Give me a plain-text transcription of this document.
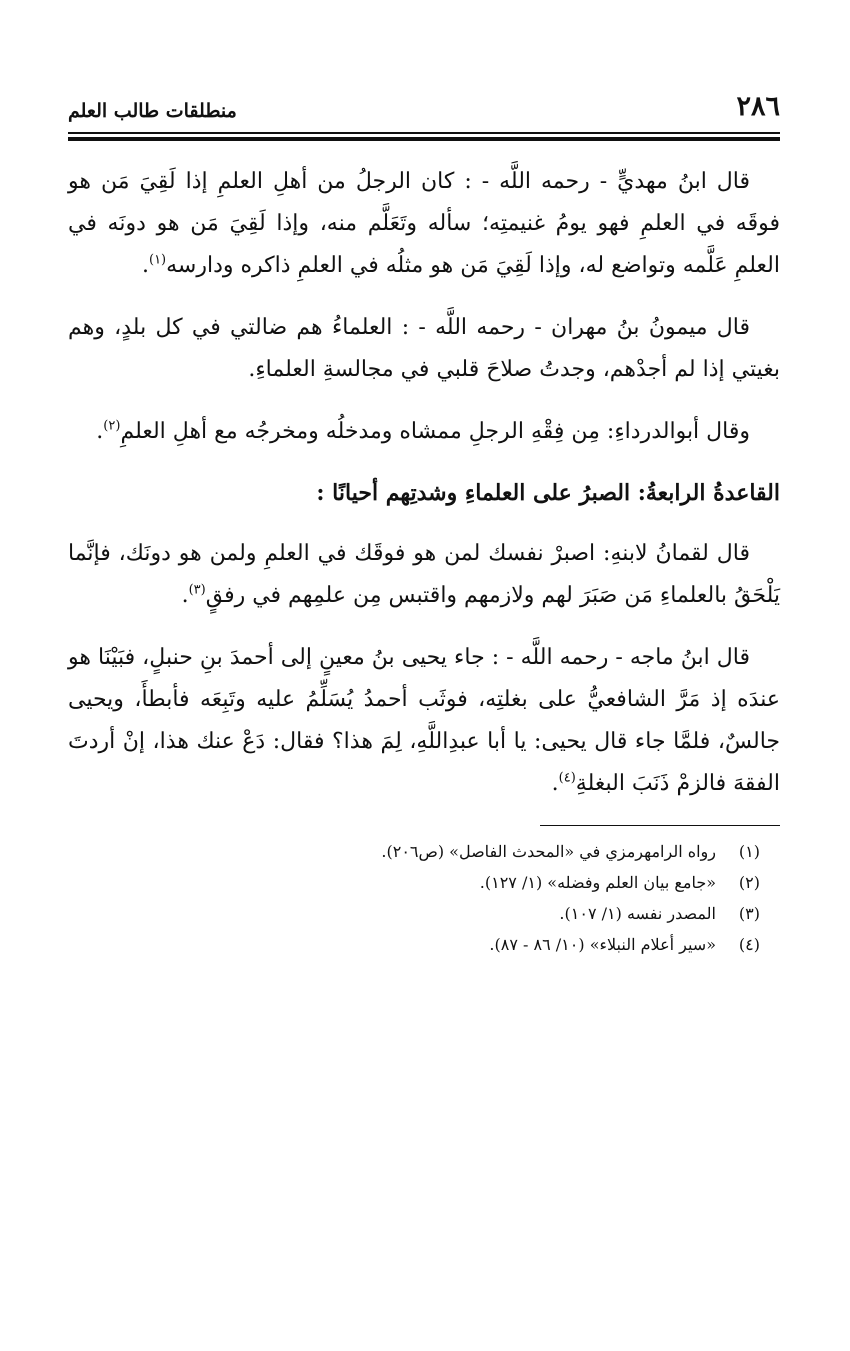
٢٨٦
منطلقات طالب العلم

قال ابنُ مهديٍّ - رحمه اللَّه - : كان الرجلُ من أهلِ العلمِ إذا لَقِيَ مَن هو فوقَه في العلمِ فهو يومُ غنيمتِه؛ سأله وتَعَلَّم منه، وإذا لَقِيَ مَن هو دونَه في العلمِ عَلَّمه وتواضع له، وإذا لَقِيَ مَن هو مثلُه في العلمِ ذاكره ودارسه$^{(١)}$.

قال ميمونُ بنُ مهران - رحمه اللَّه - : العلماءُ هم ضالتي في كل بلدٍ، وهم بغيتي إذا لم أجدْهم، وجدتُ صلاحَ قلبي في مجالسةِ العلماءِ.

وقال أبوالدرداءِ: مِن فِقْهِ الرجلِ ممشاه ومدخلُه ومخرجُه مع أهلِ العلمِ$^{(٢)}$.

القاعدةُ الرابعةُ: الصبرُ على العلماءِ وشدتِهم أحيانًا :

قال لقمانُ لابنهِ: اصبرْ نفسك لمن هو فوقَك في العلمِ ولمن هو دونَك، فإنَّما يَلْحَقُ بالعلماءِ مَن صَبَرَ لهم ولازمهم واقتبس مِن علمِهم في رفقٍ$^{(٣)}$.

قال ابنُ ماجه - رحمه اللَّه - : جاء يحيى بنُ معينٍ إلى أحمدَ بنِ حنبلٍ، فبَيْنَا هو عندَه إذ مَرَّ الشافعيُّ على بغلتِه، فوثَب أحمدُ يُسَلِّمُ عليه وتَبِعَه فأبطأَ، ويحيى جالسٌ، فلمَّا جاء قال يحيى: يا أبا عبدِاللَّهِ، لِمَ هذا؟ فقال: دَعْ عنك هذا، إنْ أردتَ الفقهَ فالزمْ ذَنَبَ البغلةِ$^{(٤)}$.

(١)رواه الرامهرمزي في «المحدث الفاصل» (ص٢٠٦).
(٢)«جامع بيان العلم وفضله» (١/ ١٢٧).
(٣)المصدر نفسه (١/ ١٠٧).
(٤)«سير أعلام النبلاء» (١٠/ ٨٦ - ٨٧).
